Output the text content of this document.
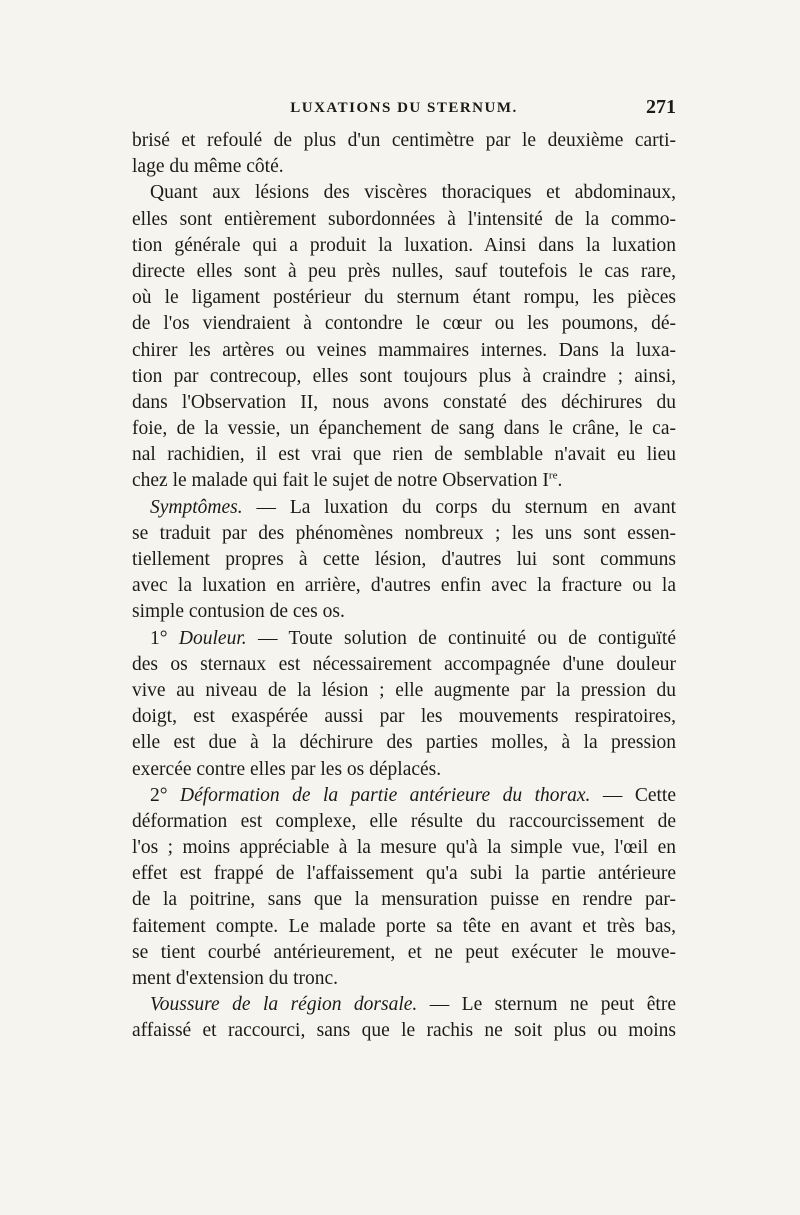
LUXATIONS DU STERNUM.	271
brisé et refoulé de plus d'un centimètre par le deuxième carti-
lage du même côté.
Quant aux lésions des viscères thoraciques et abdominaux,
elles sont entièrement subordonnées à l'intensité de la commo-
tion générale qui a produit la luxation. Ainsi dans la luxation
directe elles sont à peu près nulles, sauf toutefois le cas rare,
où le ligament postérieur du sternum étant rompu, les pièces
de l'os viendraient à contondre le cœur ou les poumons, dé-
chirer les artères ou veines mammaires internes. Dans la luxa-
tion par contrecoup, elles sont toujours plus à craindre ; ainsi,
dans l'Observation II, nous avons constaté des déchirures du
foie, de la vessie, un épanchement de sang dans le crâne, le ca-
nal rachidien, il est vrai que rien de semblable n'avait eu lieu
chez le malade qui fait le sujet de notre Observation Ire.
Symptômes. — La luxation du corps du sternum en avant
se traduit par des phénomènes nombreux ; les uns sont essen-
tiellement propres à cette lésion, d'autres lui sont communs
avec la luxation en arrière, d'autres enfin avec la fracture ou la
simple contusion de ces os.
1° Douleur. — Toute solution de continuité ou de contiguïté
des os sternaux est nécessairement accompagnée d'une douleur
vive au niveau de la lésion ; elle augmente par la pression du
doigt, est exaspérée aussi par les mouvements respiratoires,
elle est due à la déchirure des parties molles, à la pression
exercée contre elles par les os déplacés.
2° Déformation de la partie antérieure du thorax. — Cette
déformation est complexe, elle résulte du raccourcissement de
l'os ; moins appréciable à la mesure qu'à la simple vue, l'œil en
effet est frappé de l'affaissement qu'a subi la partie antérieure
de la poitrine, sans que la mensuration puisse en rendre par-
faitement compte. Le malade porte sa tête en avant et très bas,
se tient courbé antérieurement, et ne peut exécuter le mouve-
ment d'extension du tronc.
Voussure de la région dorsale. — Le sternum ne peut être
affaissé et raccourci, sans que le rachis ne soit plus ou moins
